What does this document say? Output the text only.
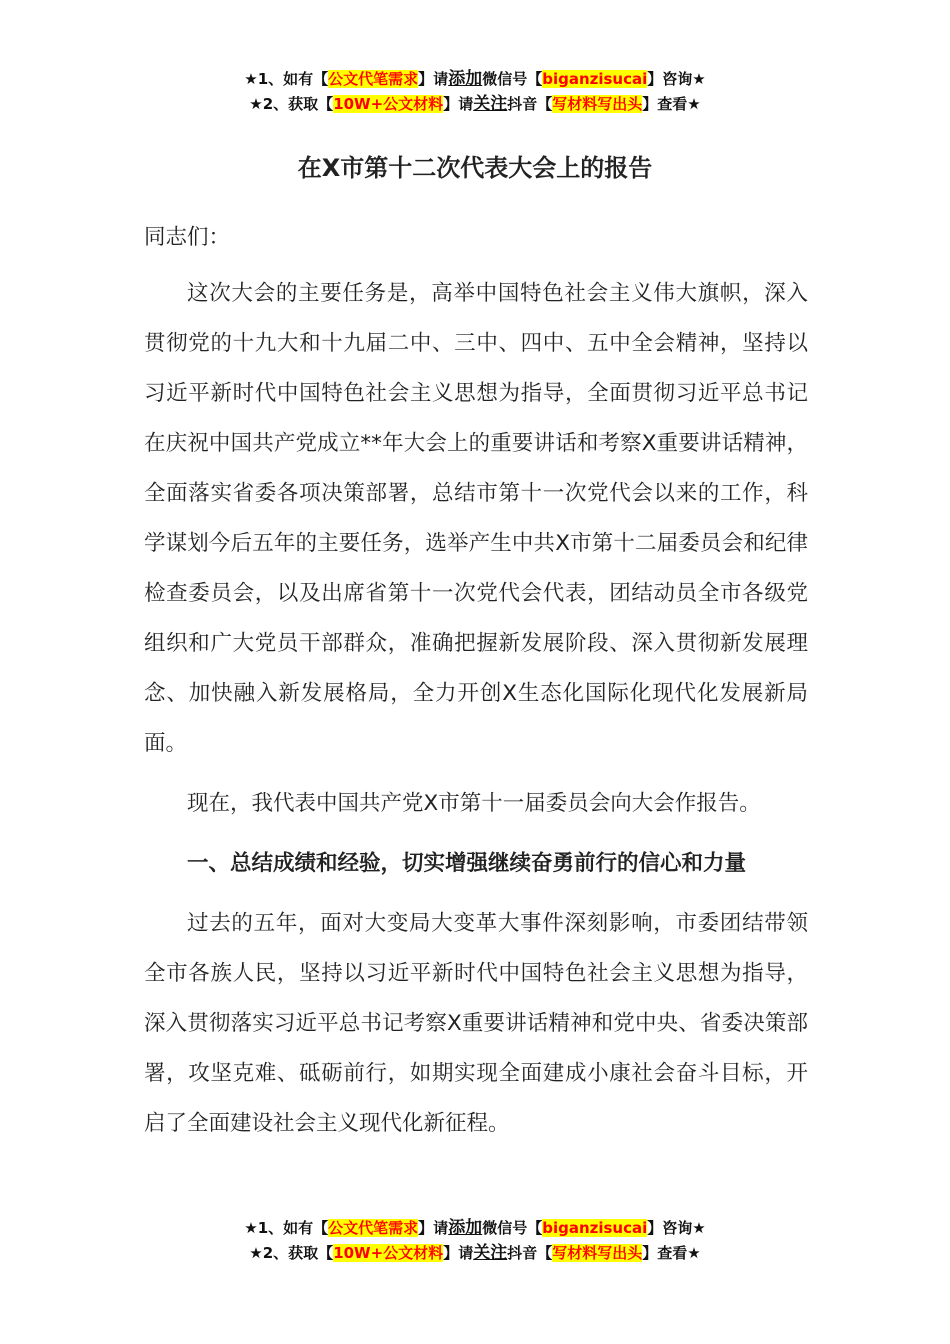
★1、如有【公文代笔需求】请添加微信号【biganzisucai】咨询★
★2、获取【10W+公文材料】请关注抖音【写材料写出头】查看★
在X市第十二次代表大会上的报告

同志们：

这次大会的主要任务是，高举中国特色社会主义伟大旗帜，深入贯彻党的十九大和十九届二中、三中、四中、五中全会精神，坚持以习近平新时代中国特色社会主义思想为指导，全面贯彻习近平总书记在庆祝中国共产党成立**年大会上的重要讲话和考察X重要讲话精神，全面落实省委各项决策部署，总结市第十一次党代会以来的工作，科学谋划今后五年的主要任务，选举产生中共X市第十二届委员会和纪律检查委员会，以及出席省第十一次党代会代表，团结动员全市各级党组织和广大党员干部群众，准确把握新发展阶段、深入贯彻新发展理念、加快融入新发展格局，全力开创X生态化国际化现代化发展新局面。

现在，我代表中国共产党X市第十一届委员会向大会作报告。

一、总结成绩和经验，切实增强继续奋勇前行的信心和力量

过去的五年，面对大变局大变革大事件深刻影响，市委团结带领全市各族人民，坚持以习近平新时代中国特色社会主义思想为指导，深入贯彻落实习近平总书记考察X重要讲话精神和党中央、省委决策部署，攻坚克难、砥砺前行，如期实现全面建成小康社会奋斗目标，开启了全面建设社会主义现代化新征程。

★1、如有【公文代笔需求】请添加微信号【biganzisucai】咨询★
★2、获取【10W+公文材料】请关注抖音【写材料写出头】查看★
